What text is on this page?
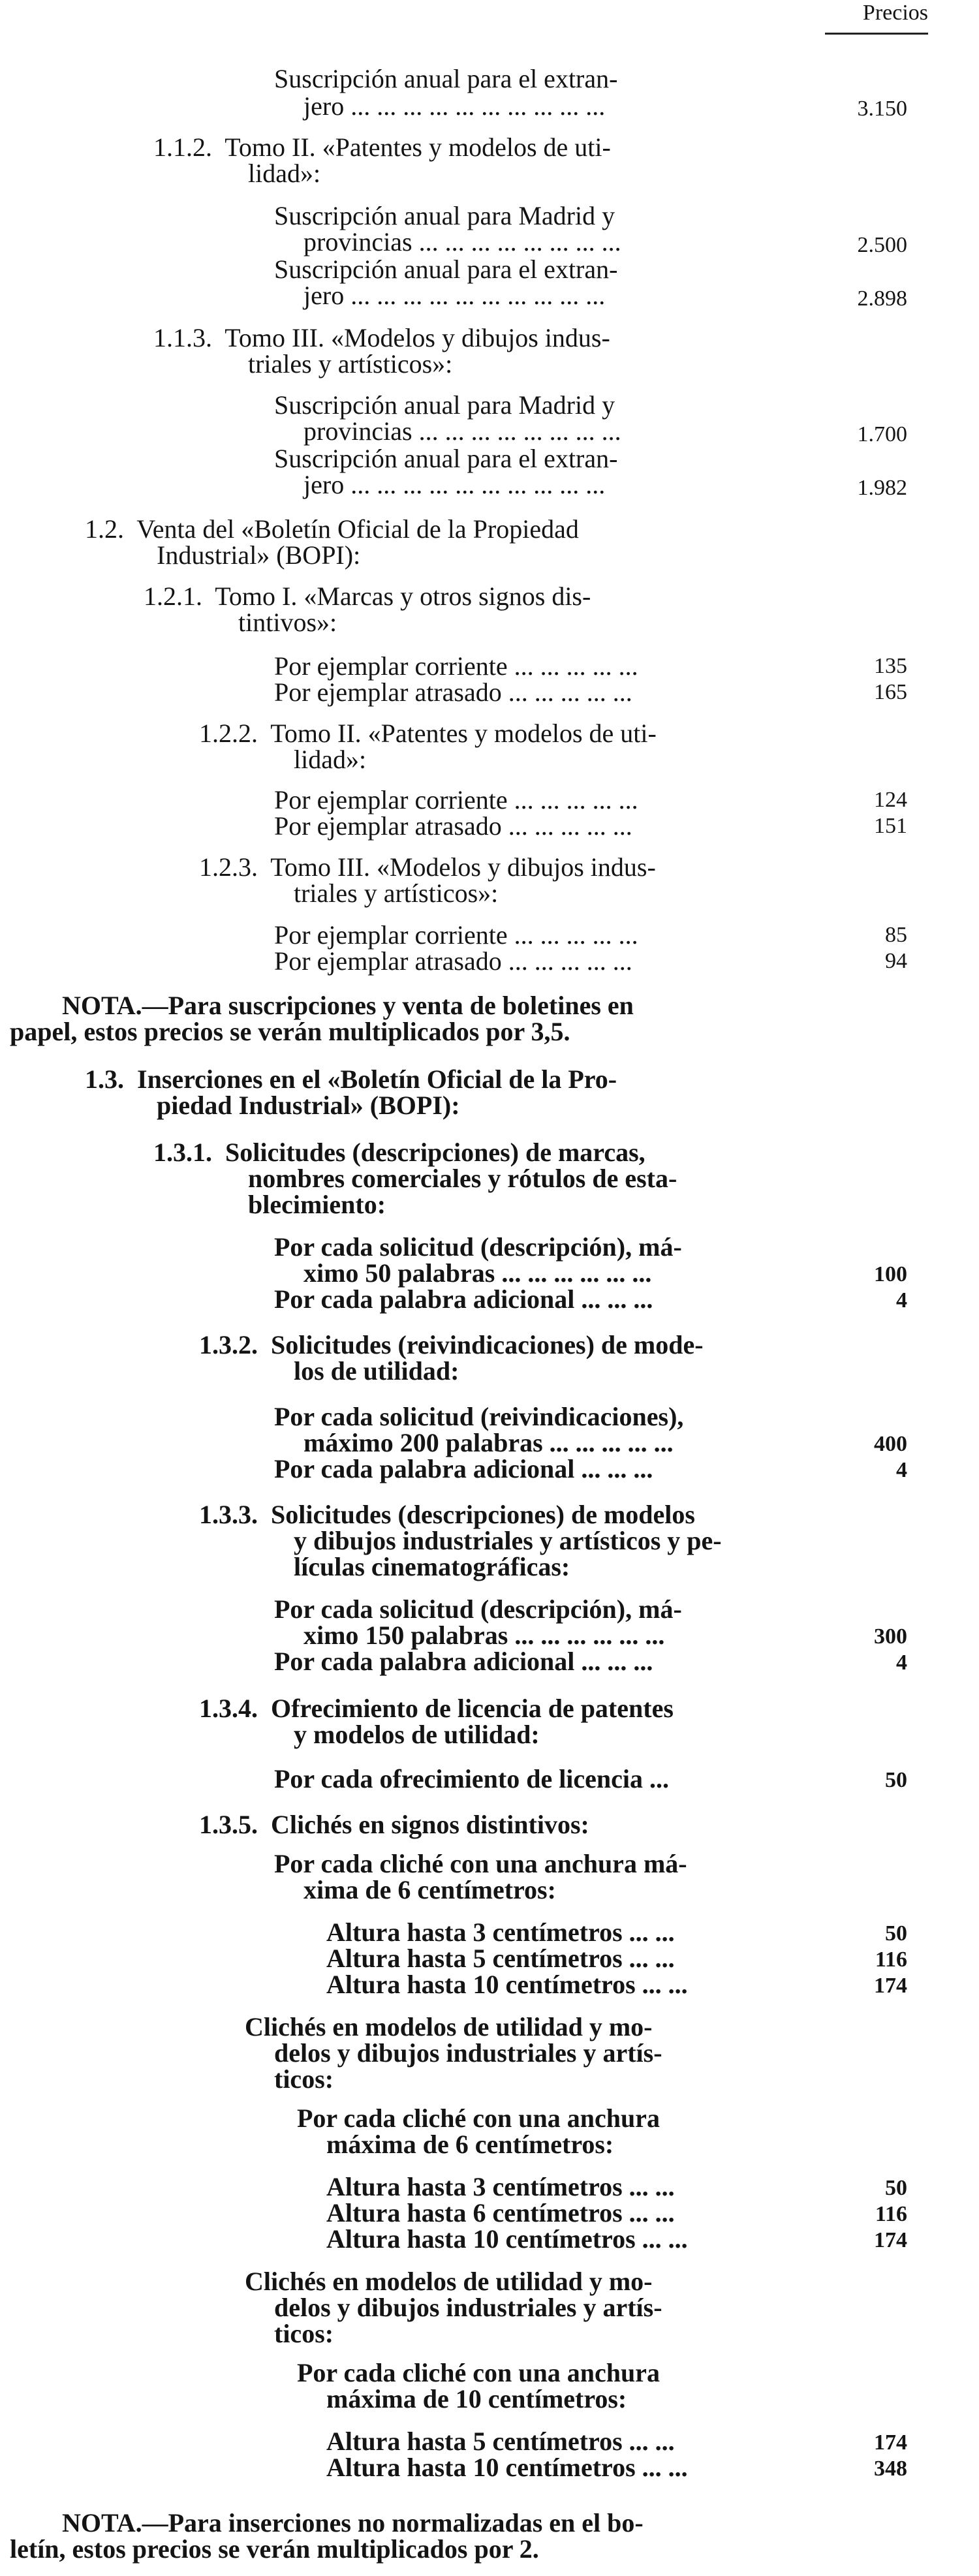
Precios
Suscripción anual para el extran-
jero ... ... ... ... ... ... ... ... ... ...	3.150
1.1.2.  Tomo II. «Patentes y modelos de uti-
lidad»:
Suscripción anual para Madrid y
provincias ... ... ... ... ... ... ... ...	2.500
Suscripción anual para el extran-
jero ... ... ... ... ... ... ... ... ... ...	2.898
1.1.3.  Tomo III. «Modelos y dibujos indus-
triales y artísticos»:
Suscripción anual para Madrid y
provincias ... ... ... ... ... ... ... ...	1.700
Suscripción anual para el extran-
jero ... ... ... ... ... ... ... ... ... ...	1.982
1.2.  Venta del «Boletín Oficial de la Propiedad
Industrial» (BOPI):
1.2.1.  Tomo I. «Marcas y otros signos dis-
tintivos»:
Por ejemplar corriente ... ... ... ... ...	135
Por ejemplar atrasado ... ... ... ... ...	165
1.2.2.  Tomo II. «Patentes y modelos de uti-
lidad»:
Por ejemplar corriente ... ... ... ... ...	124
Por ejemplar atrasado ... ... ... ... ...	151
1.2.3.  Tomo III. «Modelos y dibujos indus-
triales y artísticos»:
Por ejemplar corriente ... ... ... ... ...	85
Por ejemplar atrasado ... ... ... ... ...	94
NOTA.—Para suscripciones y venta de boletines en
papel, estos precios se verán multiplicados por 3,5.
1.3.  Inserciones en el «Boletín Oficial de la Pro-
piedad Industrial» (BOPI):
1.3.1.  Solicitudes (descripciones) de marcas,
nombres comerciales y rótulos de esta-
blecimiento:
Por cada solicitud (descripción), má-
ximo 50 palabras ... ... ... ... ... ...	100
Por cada palabra adicional ... ... ...	4
1.3.2.  Solicitudes (reivindicaciones) de mode-
los de utilidad:
Por cada solicitud (reivindicaciones),
máximo 200 palabras ... ... ... ... ...	400
Por cada palabra adicional ... ... ...	4
1.3.3.  Solicitudes (descripciones) de modelos
y dibujos industriales y artísticos y pe-
lículas cinematográficas:
Por cada solicitud (descripción), má-
ximo 150 palabras ... ... ... ... ... ...	300
Por cada palabra adicional ... ... ...	4
1.3.4.  Ofrecimiento de licencia de patentes
y modelos de utilidad:
Por cada ofrecimiento de licencia ...	50
1.3.5.  Clichés en signos distintivos:
Por cada cliché con una anchura má-
xima de 6 centímetros:
Altura hasta 3 centímetros ... ...	50
Altura hasta 5 centímetros ... ...	116
Altura hasta 10 centímetros ... ...	174
Clichés en modelos de utilidad y mo-
delos y dibujos industriales y artís-
ticos:
Por cada cliché con una anchura
máxima de 6 centímetros:
Altura hasta 3 centímetros ... ...	50
Altura hasta 6 centímetros ... ...	116
Altura hasta 10 centímetros ... ...	174
Clichés en modelos de utilidad y mo-
delos y dibujos industriales y artís-
ticos:
Por cada cliché con una anchura
máxima de 10 centímetros:
Altura hasta 5 centímetros ... ...	174
Altura hasta 10 centímetros ... ...	348
NOTA.—Para inserciones no normalizadas en el bo-
letín, estos precios se verán multiplicados por 2.
